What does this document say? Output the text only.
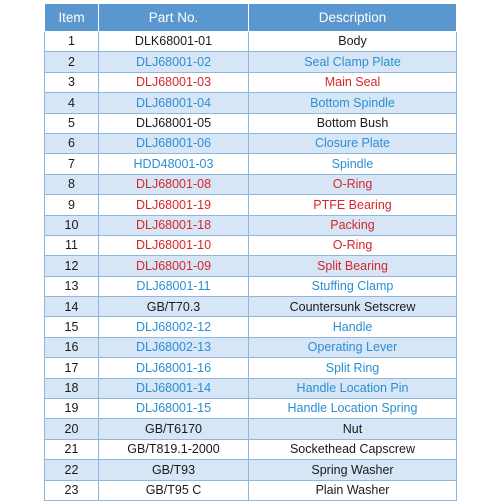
Item	Part No.	Description
1	DLK68001-01	Body
2	DLJ68001-02	Seal Clamp Plate
3	DLJ68001-03	Main Seal
4	DLJ68001-04	Bottom Spindle
5	DLJ68001-05	Bottom Bush
6	DLJ68001-06	Closure Plate
7	HDD48001-03	Spindle
8	DLJ68001-08	O-Ring
9	DLJ68001-19	PTFE Bearing
10	DLJ68001-18	Packing
11	DLJ68001-10	O-Ring
12	DLJ68001-09	Split Bearing
13	DLJ68001-11	Stuffing Clamp
14	GB/T70.3	Countersunk Setscrew
15	DLJ68002-12	Handle
16	DLJ68002-13	Operating Lever
17	DLJ68001-16	Split Ring
18	DLJ68001-14	Handle Location Pin
19	DLJ68001-15	Handle Location Spring
20	GB/T6170	Nut
21	GB/T819.1-2000	Sockethead Capscrew
22	GB/T93	Spring Washer
23	GB/T95 C	Plain Washer
